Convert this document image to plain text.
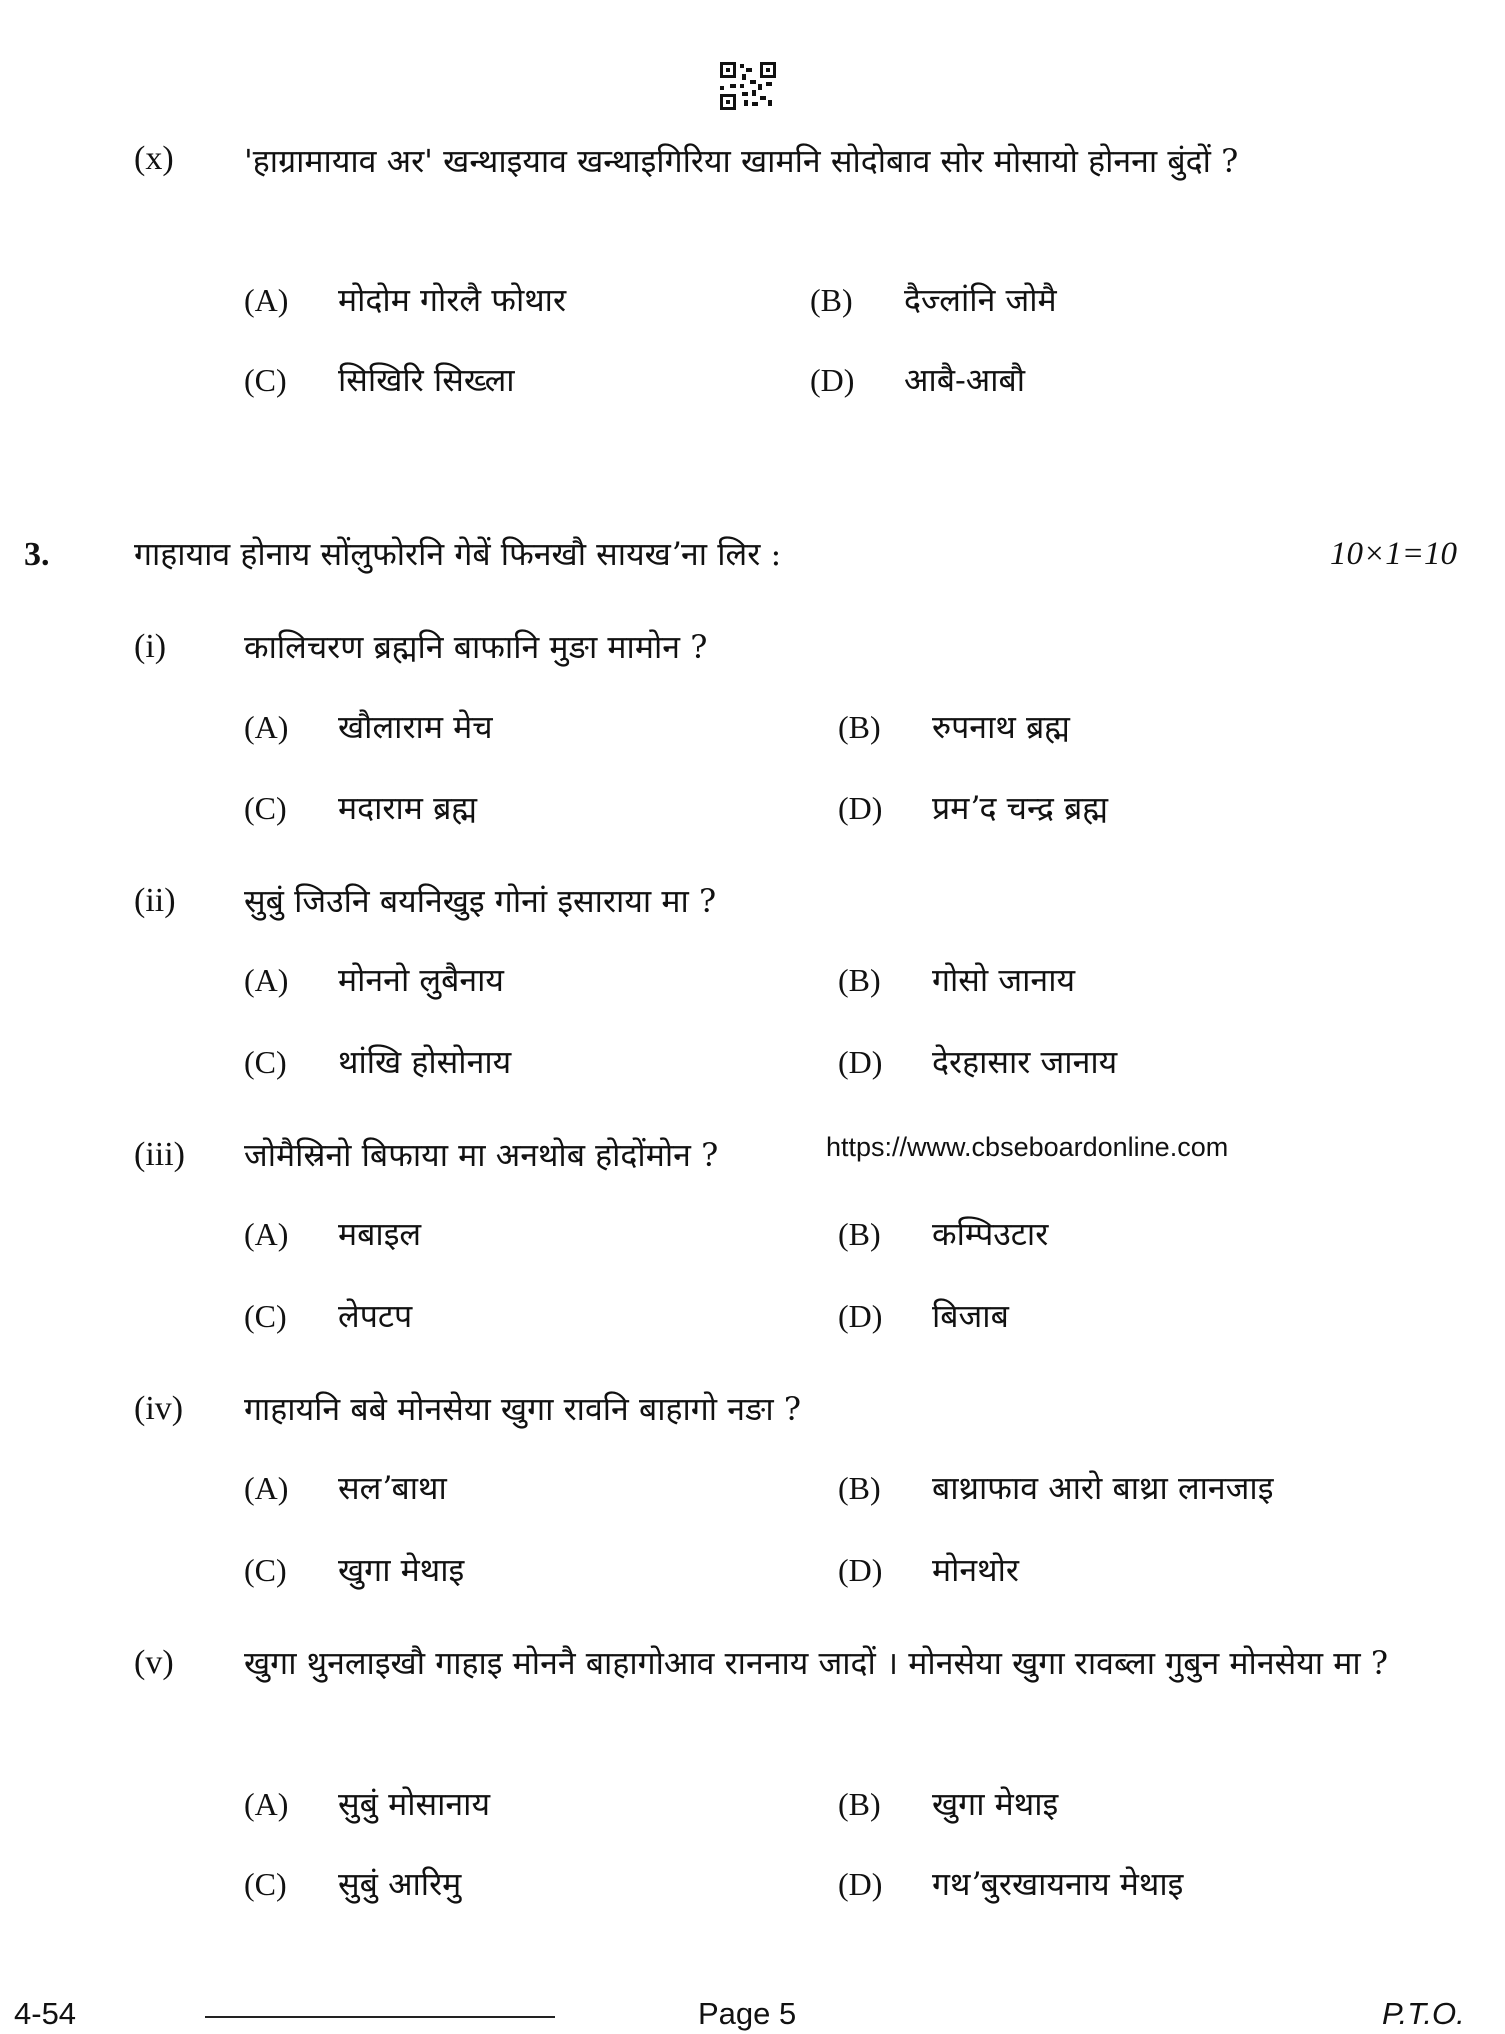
(x) 'हाग्रामायाव अर' खन्थाइयाव खन्थाइगिरिया खामनि सोदोबाव सोर मोसायो होनना बुंदों ?
(A) मोदोम गोरलै फोथार	(B) दैज्लांनि जोमै
(C) सिखिरि सिख्ला	(D) आबै-आबौ
3.	गाहायाव होनाय सोंलुफोरनि गेबें फिनखौ सायखʼना लिर :	10×1=10
(i) कालिचरण ब्रह्मनि बाफानि मुङा मामोन ?
(A) खौलाराम मेच	(B) रुपनाथ ब्रह्म
(C) मदाराम ब्रह्म	(D) प्रमʼद चन्द्र ब्रह्म
(ii) सुबुं जिउनि बयनिखुइ गोनां इसाराया मा ?
(A) मोननो लुबैनाय	(B) गोसो जानाय
(C) थांखि होसोनाय	(D) देरहासार जानाय
(iii) जोमैस्रिनो बिफाया मा अनथोब होदोंमोन ?	https://www.cbseboardonline.com
(A) मबाइल	(B) कम्पिउटार
(C) लेपटप	(D) बिजाब
(iv) गाहायनि बबे मोनसेया खुगा रावनि बाहागो नङा ?
(A) सलʼबाथा	(B) बाथ्राफाव आरो बाथ्रा लानजाइ
(C) खुगा मेथाइ	(D) मोनथोर
(v) खुगा थुनलाइखौ गाहाइ मोननै बाहागोआव राननाय जादों । मोनसेया खुगा रावब्ला गुबुन मोनसेया मा ?
(A) सुबुं मोसानाय	(B) खुगा मेथाइ
(C) सुबुं आरिमु	(D) गथʼबुरखायनाय मेथाइ
4-54	Page 5	P.T.O.
